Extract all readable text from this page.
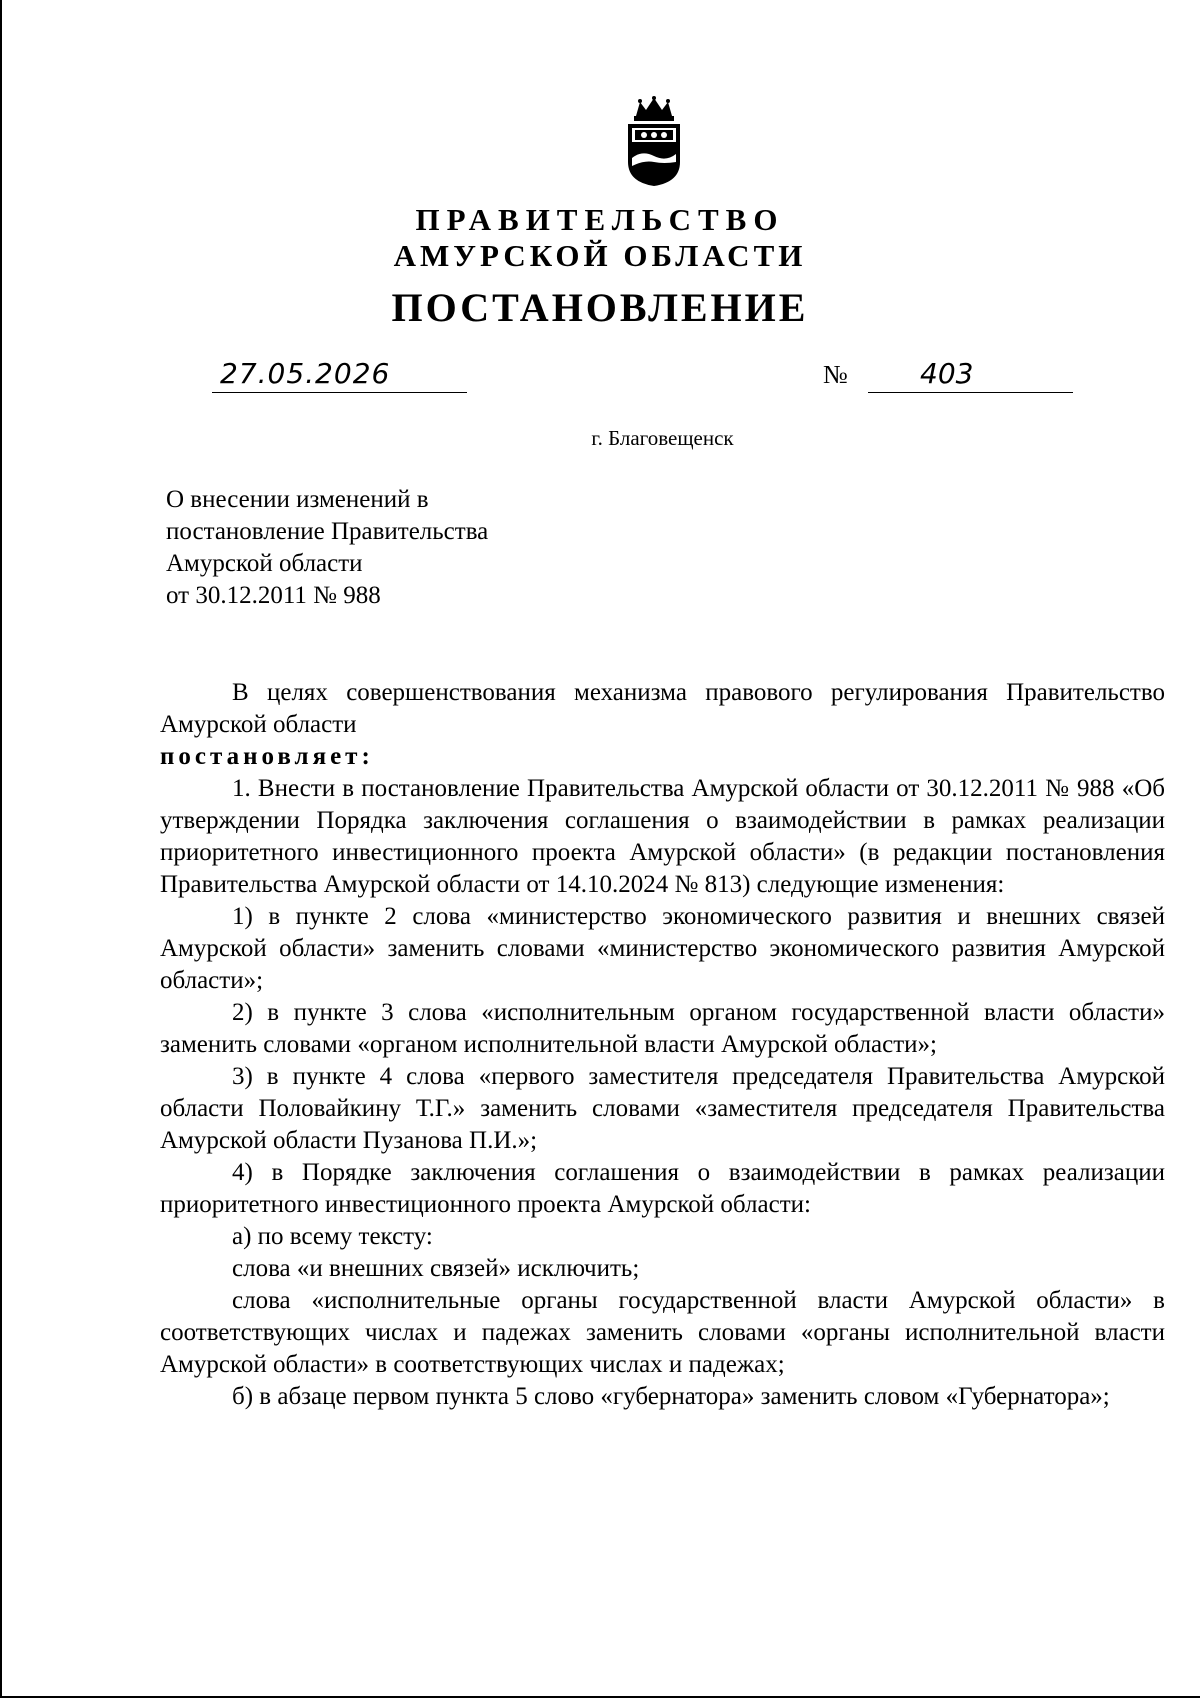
ПРАВИТЕЛЬСТВО
АМУРСКОЙ ОБЛАСТИ
ПОСТАНОВЛЕНИЕ
27.05.2026	№	403
г. Благовещенск
О внесении изменений в
постановление Правительства
Амурской области
от 30.12.2011 № 988

В целях совершенствования механизма правового регулирования Правительство Амурской области

постановляет:

1. Внести в постановление Правительства Амурской области от 30.12.2011 № 988 «Об утверждении Порядка заключения соглашения о взаимодействии в рамках реализации приоритетного инвестиционного проекта Амурской области» (в редакции постановления Правительства Амурской области от 14.10.2024 № 813) следующие изменения:

1) в пункте 2 слова «министерство экономического развития и внешних связей Амурской области» заменить словами «министерство экономического развития Амурской области»;

2) в пункте 3 слова «исполнительным органом государственной власти области» заменить словами «органом исполнительной власти Амурской области»;

3) в пункте 4 слова «первого заместителя председателя Правительства Амурской области Половайкину Т.Г.» заменить словами «заместителя председателя Правительства Амурской области Пузанова П.И.»;

4) в Порядке заключения соглашения о взаимодействии в рамках реализации приоритетного инвестиционного проекта Амурской области:

а) по всему тексту:

слова «и внешних связей» исключить;

слова «исполнительные органы государственной власти Амурской области» в соответствующих числах и падежах заменить словами «органы исполнительной власти Амурской области» в соответствующих числах и падежах;

б) в абзаце первом пункта 5 слово «губернатора» заменить словом «Губернатора»;
